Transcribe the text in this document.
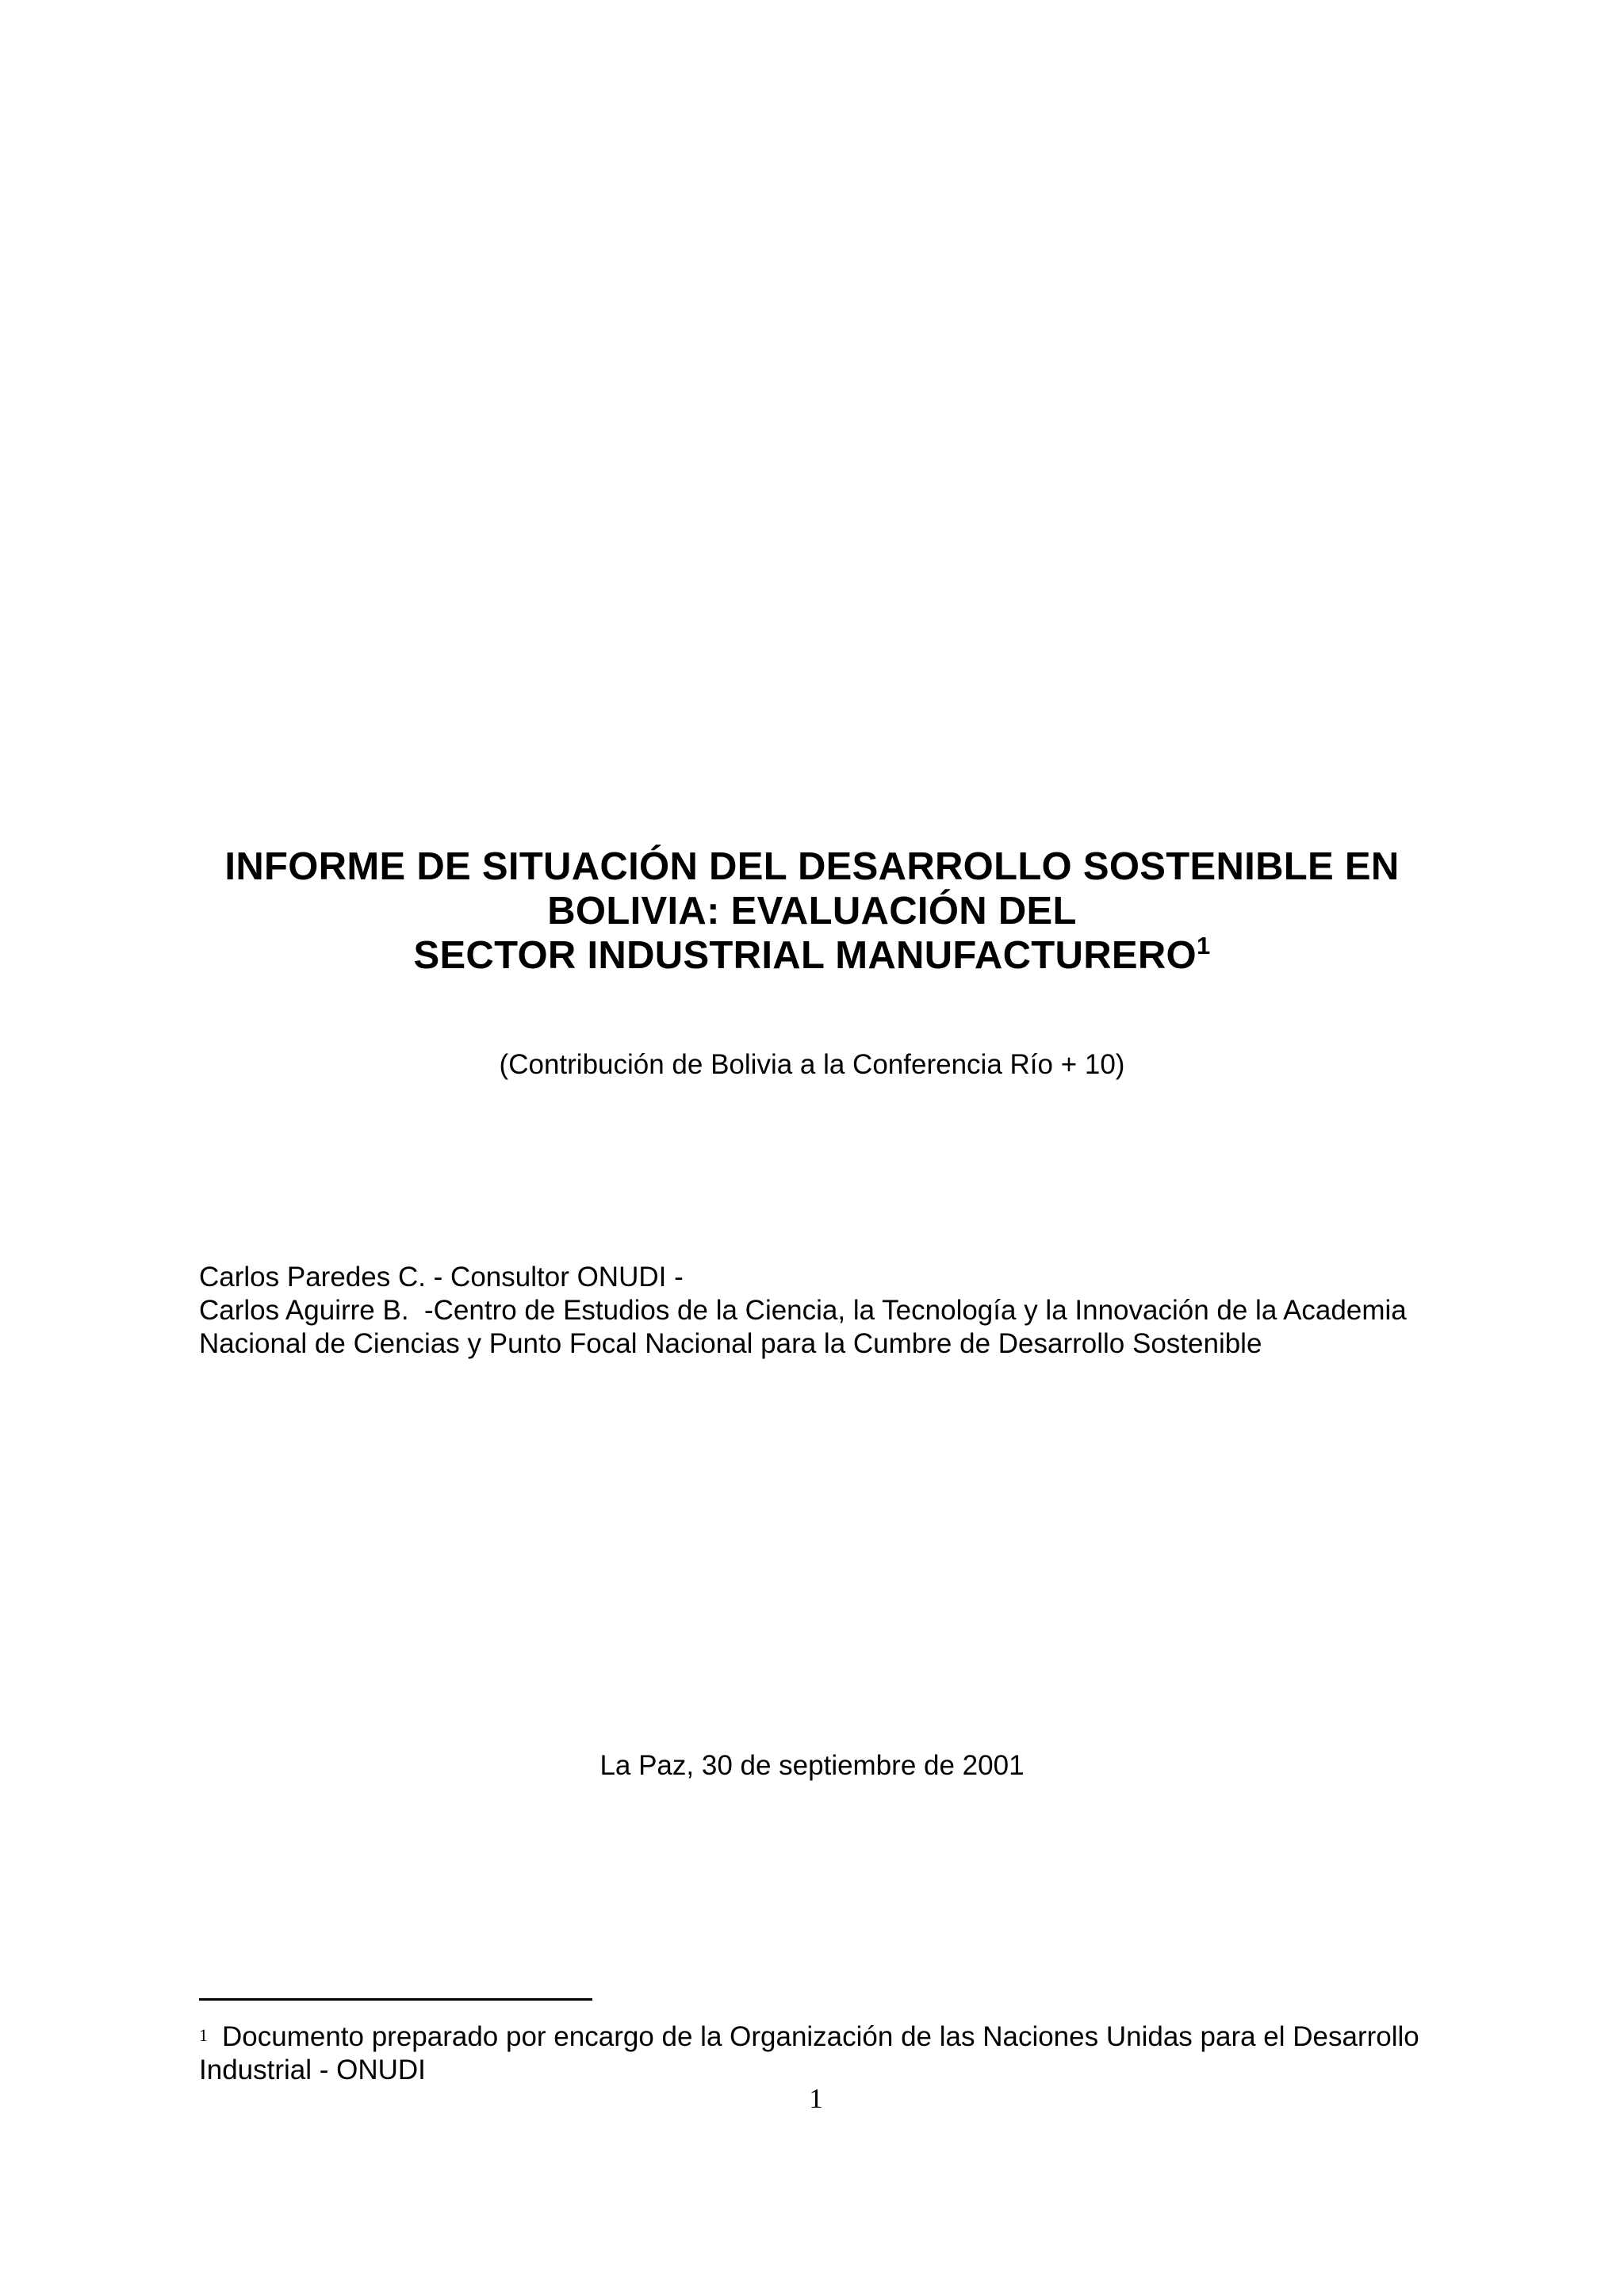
INFORME DE SITUACIÓN DEL DESARROLLO SOSTENIBLE EN
BOLIVIA: EVALUACIÓN DEL
SECTOR INDUSTRIAL MANUFACTURERO$^1$
(Contribución de Bolivia a la Conferencia Río + 10)
Carlos Paredes C. - Consultor ONUDI -
Carlos Aguirre B.  -Centro de Estudios de la Ciencia, la Tecnología y la Innovación de la Academia
Nacional de Ciencias y Punto Focal Nacional para la Cumbre de Desarrollo Sostenible
La Paz, 30 de septiembre de 2001
$^1$ Documento preparado por encargo de la Organización de las Naciones Unidas para el Desarrollo
Industrial - ONUDI
1
